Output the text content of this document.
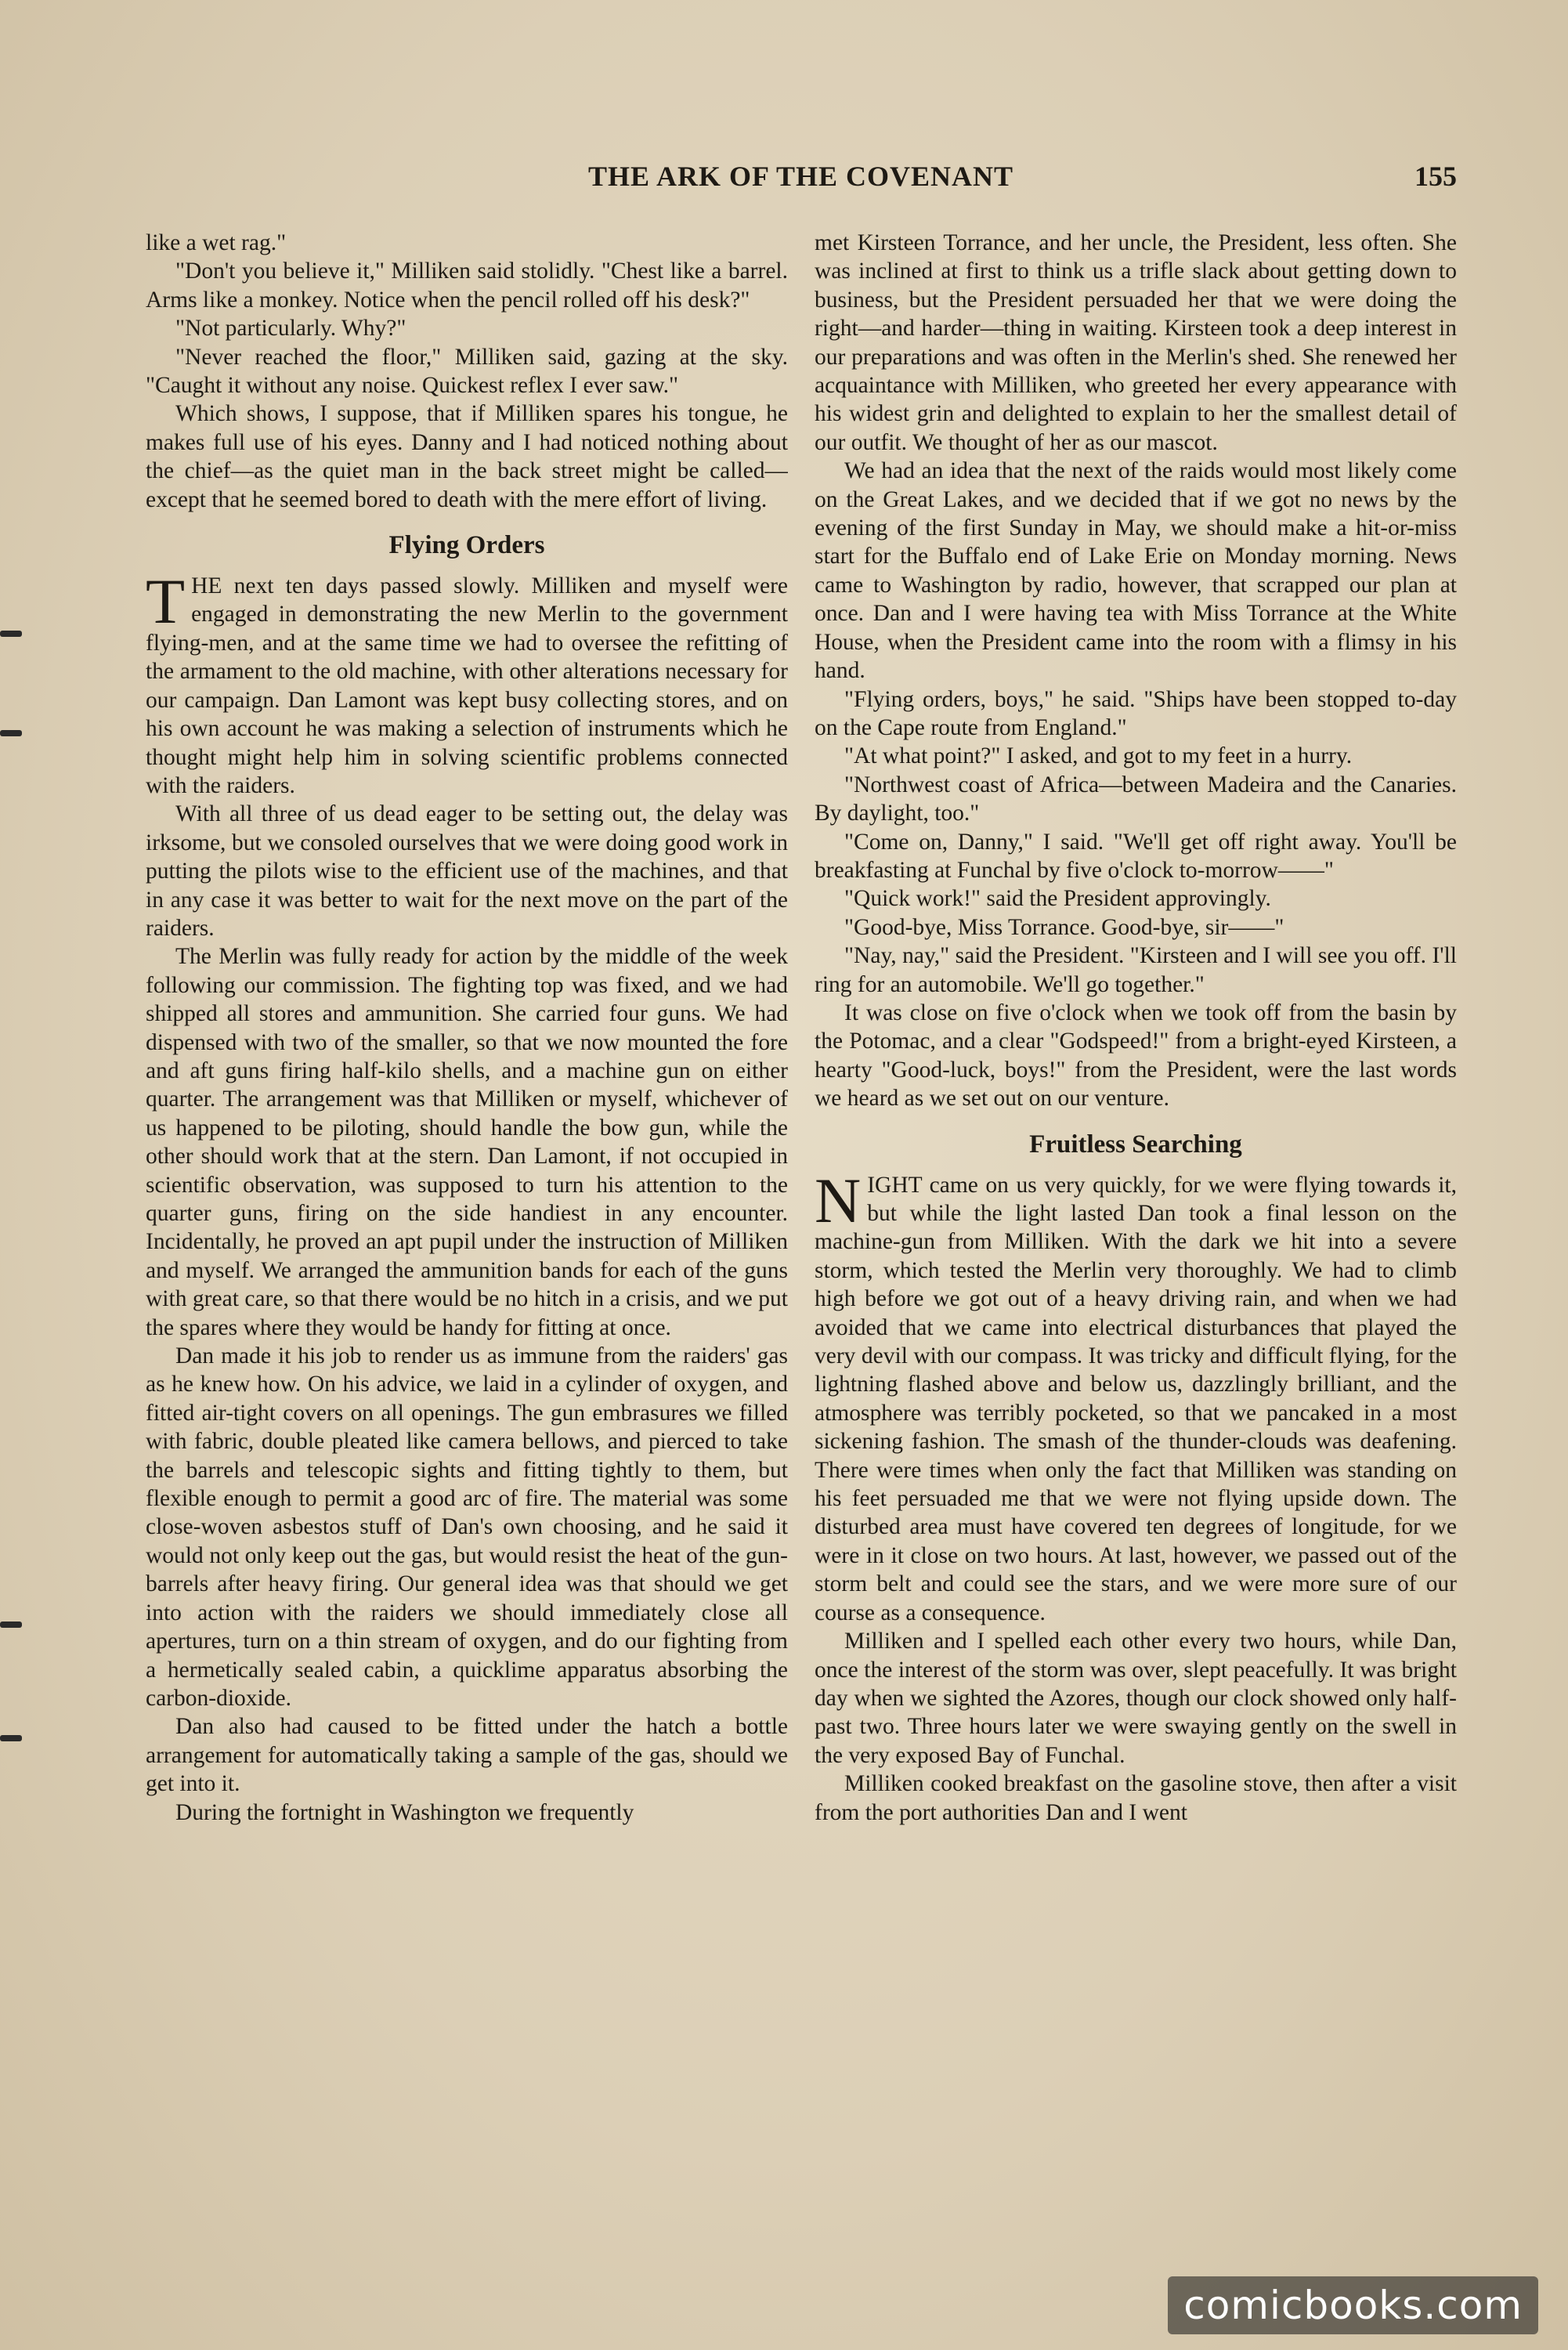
THE ARK OF THE COVENANT	155

like a wet rag."

"Don't you believe it," Milliken said stolidly. "Chest like a barrel. Arms like a monkey. Notice when the pencil rolled off his desk?"

"Not particularly. Why?"

"Never reached the floor," Milliken said, gazing at the sky. "Caught it without any noise. Quickest reflex I ever saw."

Which shows, I suppose, that if Milliken spares his tongue, he makes full use of his eyes. Danny and I had noticed nothing about the chief—as the quiet man in the back street might be called—except that he seemed bored to death with the mere effort of living.

Flying Orders

THE next ten days passed slowly. Milliken and myself were engaged in demonstrating the new Merlin to the government flying-men, and at the same time we had to oversee the refitting of the armament to the old machine, with other alterations necessary for our campaign. Dan Lamont was kept busy collecting stores, and on his own account he was making a selection of instruments which he thought might help him in solving scientific problems connected with the raiders.

With all three of us dead eager to be setting out, the delay was irksome, but we consoled ourselves that we were doing good work in putting the pilots wise to the efficient use of the machines, and that in any case it was better to wait for the next move on the part of the raiders.

The Merlin was fully ready for action by the middle of the week following our commission. The fighting top was fixed, and we had shipped all stores and ammunition. She carried four guns. We had dispensed with two of the smaller, so that we now mounted the fore and aft guns firing half-kilo shells, and a machine gun on either quarter. The arrangement was that Milliken or myself, whichever of us happened to be piloting, should handle the bow gun, while the other should work that at the stern. Dan Lamont, if not occupied in scientific observation, was supposed to turn his attention to the quarter guns, firing on the side handiest in any encounter. Incidentally, he proved an apt pupil under the instruction of Milliken and myself. We arranged the ammunition bands for each of the guns with great care, so that there would be no hitch in a crisis, and we put the spares where they would be handy for fitting at once.

Dan made it his job to render us as immune from the raiders' gas as he knew how. On his advice, we laid in a cylinder of oxygen, and fitted air-tight covers on all openings. The gun embrasures we filled with fabric, double pleated like camera bellows, and pierced to take the barrels and telescopic sights and fitting tightly to them, but flexible enough to permit a good arc of fire. The material was some close-woven asbestos stuff of Dan's own choosing, and he said it would not only keep out the gas, but would resist the heat of the gun-barrels after heavy firing. Our general idea was that should we get into action with the raiders we should immediately close all apertures, turn on a thin stream of oxygen, and do our fighting from a hermetically sealed cabin, a quicklime apparatus absorbing the carbon-dioxide.

Dan also had caused to be fitted under the hatch a bottle arrangement for automatically taking a sample of the gas, should we get into it.

During the fortnight in Washington we frequently

met Kirsteen Torrance, and her uncle, the President, less often. She was inclined at first to think us a trifle slack about getting down to business, but the President persuaded her that we were doing the right—and harder—thing in waiting. Kirsteen took a deep interest in our preparations and was often in the Merlin's shed. She renewed her acquaintance with Milliken, who greeted her every appearance with his widest grin and delighted to explain to her the smallest detail of our outfit. We thought of her as our mascot.

We had an idea that the next of the raids would most likely come on the Great Lakes, and we decided that if we got no news by the evening of the first Sunday in May, we should make a hit-or-miss start for the Buffalo end of Lake Erie on Monday morning. News came to Washington by radio, however, that scrapped our plan at once. Dan and I were having tea with Miss Torrance at the White House, when the President came into the room with a flimsy in his hand.

"Flying orders, boys," he said. "Ships have been stopped to-day on the Cape route from England."

"At what point?" I asked, and got to my feet in a hurry.

"Northwest coast of Africa—between Madeira and the Canaries. By daylight, too."

"Come on, Danny," I said. "We'll get off right away. You'll be breakfasting at Funchal by five o'clock to-morrow——"

"Quick work!" said the President approvingly.

"Good-bye, Miss Torrance. Good-bye, sir——"

"Nay, nay," said the President. "Kirsteen and I will see you off. I'll ring for an automobile. We'll go together."

It was close on five o'clock when we took off from the basin by the Potomac, and a clear "Godspeed!" from a bright-eyed Kirsteen, a hearty "Good-luck, boys!" from the President, were the last words we heard as we set out on our venture.

Fruitless Searching

NIGHT came on us very quickly, for we were flying towards it, but while the light lasted Dan took a final lesson on the machine-gun from Milliken. With the dark we hit into a severe storm, which tested the Merlin very thoroughly. We had to climb high before we got out of a heavy driving rain, and when we had avoided that we came into electrical disturbances that played the very devil with our compass. It was tricky and difficult flying, for the lightning flashed above and below us, dazzlingly brilliant, and the atmosphere was terribly pocketed, so that we pancaked in a most sickening fashion. The smash of the thunder-clouds was deafening. There were times when only the fact that Milliken was standing on his feet persuaded me that we were not flying upside down. The disturbed area must have covered ten degrees of longitude, for we were in it close on two hours. At last, however, we passed out of the storm belt and could see the stars, and we were more sure of our course as a consequence.

Milliken and I spelled each other every two hours, while Dan, once the interest of the storm was over, slept peacefully. It was bright day when we sighted the Azores, though our clock showed only half-past two. Three hours later we were swaying gently on the swell in the very exposed Bay of Funchal.

Milliken cooked breakfast on the gasoline stove, then after a visit from the port authorities Dan and I went

comicbooks.com
